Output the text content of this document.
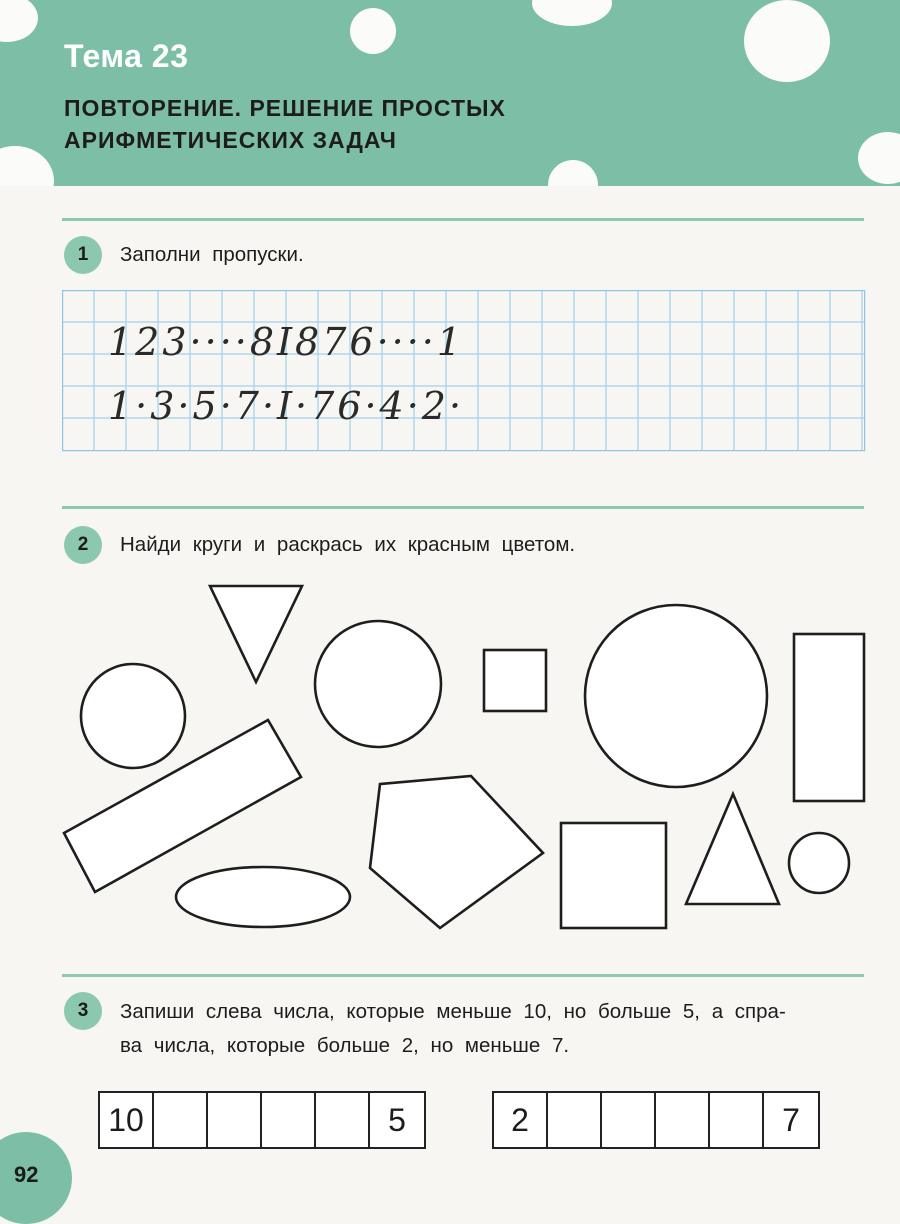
Тема 23
ПОВТОРЕНИЕ. РЕШЕНИЕ ПРОСТЫХ
АРИФМЕТИЧЕСКИХ ЗАДАЧ
1	Заполни пропуски.
123····8І876····1
1·3·5·7·І·76·4·2·
2	Найди круги и раскрась их красным цветом.
3	Запиши слева числа, которые меньше 10, но больше 5, а спра-
ва числа, которые больше 2, но меньше 7.
10	5	2	7
92
